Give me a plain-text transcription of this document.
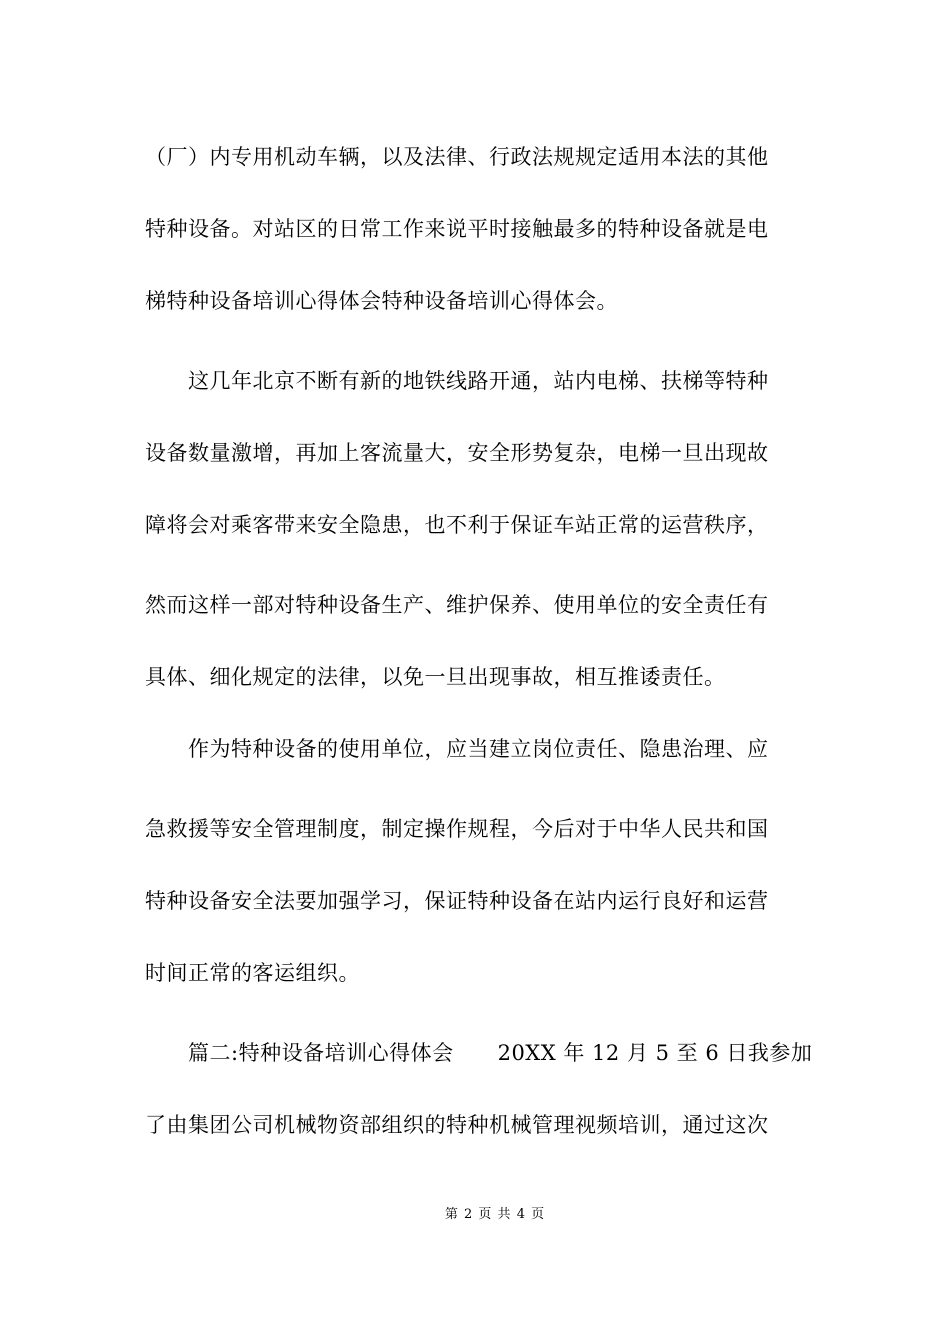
（厂）内专用机动车辆，以及法律、行政法规规定适用本法的其他
特种设备。对站区的日常工作来说平时接触最多的特种设备就是电
梯特种设备培训心得体会特种设备培训心得体会。
这几年北京不断有新的地铁线路开通，站内电梯、扶梯等特种
设备数量激增，再加上客流量大，安全形势复杂，电梯一旦出现故
障将会对乘客带来安全隐患，也不利于保证车站正常的运营秩序，
然而这样一部对特种设备生产、维护保养、使用单位的安全责任有
具体、细化规定的法律，以免一旦出现事故，相互推诿责任。
作为特种设备的使用单位，应当建立岗位责任、隐患治理、应
急救援等安全管理制度，制定操作规程，今后对于中华人民共和国
特种设备安全法要加强学习，保证特种设备在站内运行良好和运营
时间正常的客运组织。
篇二:特种设备培训心得体会 20XX 年 12 月 5 至 6 日我参加
了由集团公司机械物资部组织的特种机械管理视频培训，通过这次
第 2 页 共 4 页
